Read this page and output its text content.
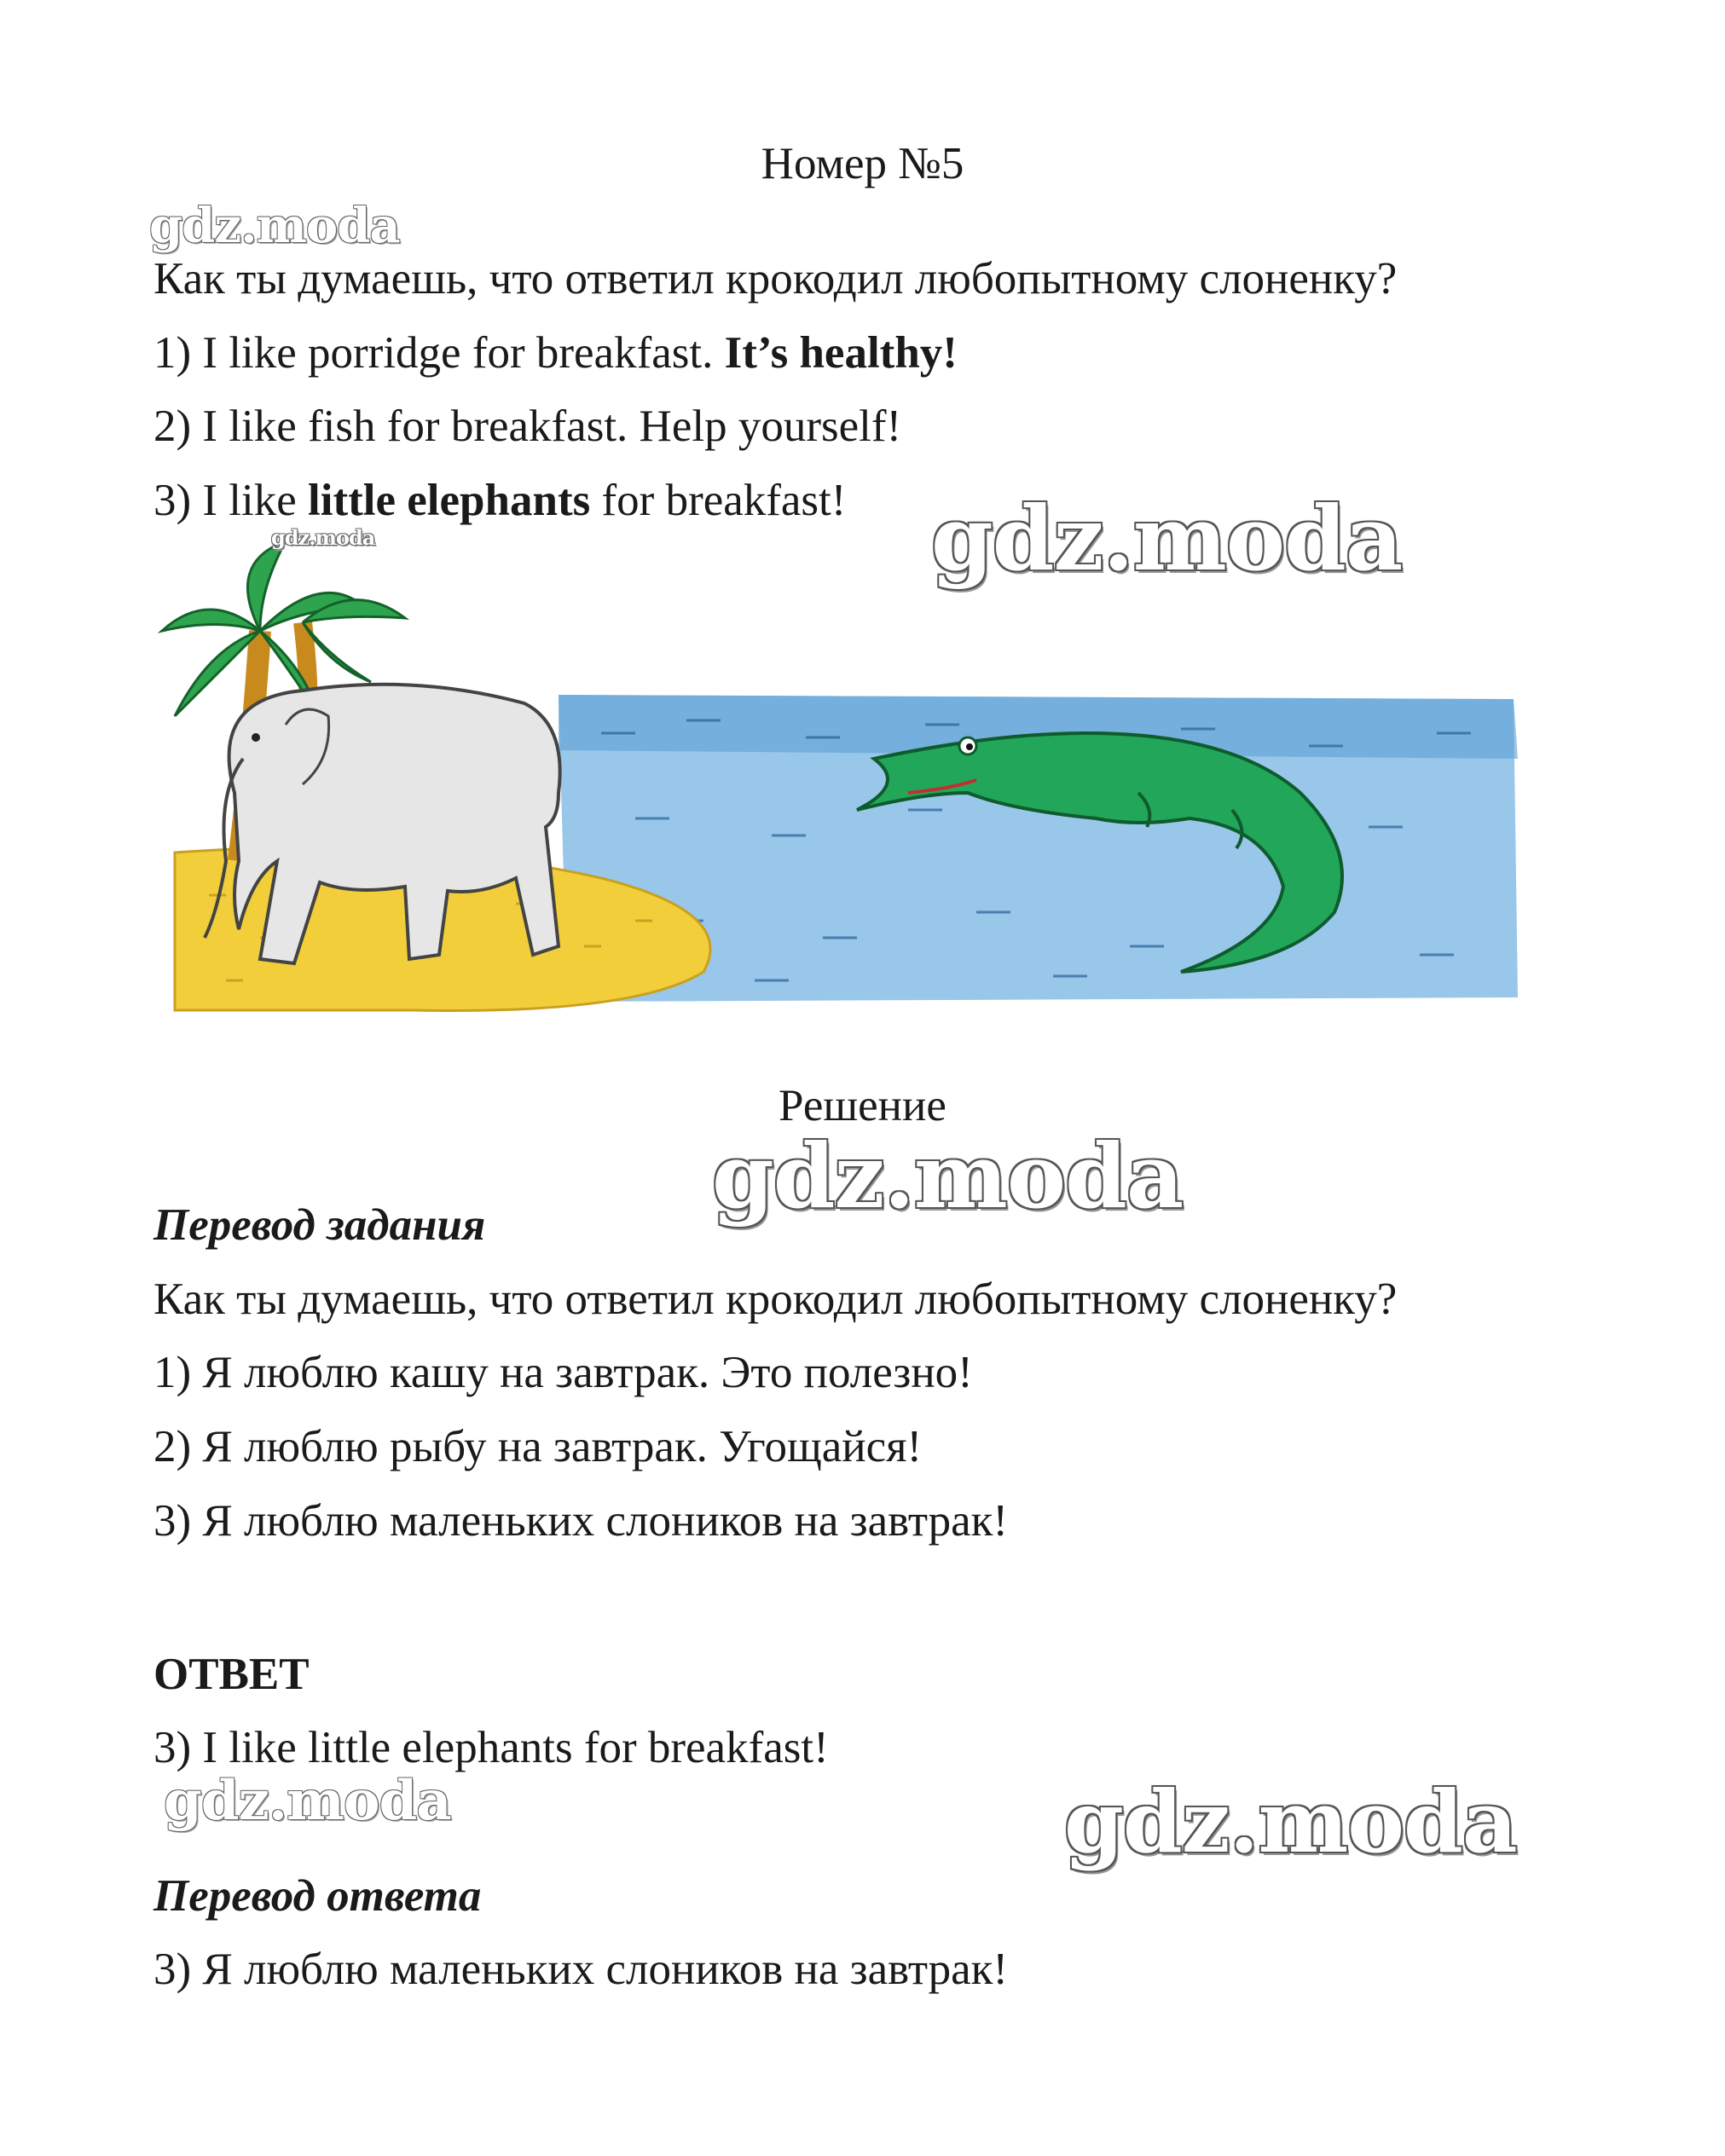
Номер №5
Как ты думаешь, что ответил крокодил любопытному слоненку?
1) I like porridge for breakfast. It’s healthy!
2) I like fish for breakfast. Help yourself!
3) I like little elephants for breakfast!
Решение
Перевод задания
Как ты думаешь, что ответил крокодил любопытному слоненку?
1) Я люблю кашу на завтрак. Это полезно!
2) Я люблю рыбу на завтрак. Угощайся!
3) Я люблю маленьких слоников на завтрак!
ОТВЕТ
3) I like little elephants for breakfast!
Перевод ответа
3) Я люблю маленьких слоников на завтрак!
gdz.moda
gdz.moda	gdz.moda
gdz.moda
gdz.moda	gdz.moda
